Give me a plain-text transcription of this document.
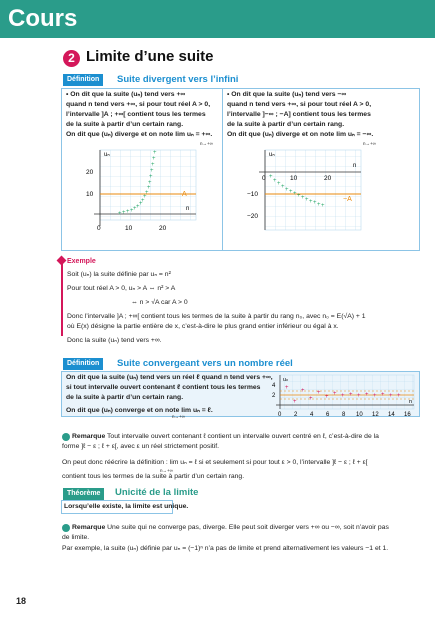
Cours
2 Limite d’une suite
Définition	Suite divergent vers l’infini
• On dit que la suite (uₙ) tend vers +∞
quand n tend vers +∞, si pour tout réel A > 0,
l’intervalle ]A ; +∞[ contient tous les termes
de la suite à partir d’un certain rang.
On dit que (uₙ) diverge et on note lim uₙ = +∞.
n→+∞
• On dit que la suite (uₙ) tend vers −∞
quand n tend vers +∞, si pour tout réel A > 0,
l’intervalle ]−∞ ; −A] contient tous les termes
de la suite à partir d’un certain rang.
On dit que (uₙ) diverge et on note lim uₙ = −∞.
n→+∞
+ + + + + + +
+
+
+
+
+
+
+
+
+
+
uₙ
n
20
10
0	10	20
A
+
+ + + + + + + + + + + + +
uₙ
n
0	10	20
−10
−20
−A
Exemple
Soit (uₙ) la suite définie par uₙ = n²
Pour tout réel A > 0, uₙ > A ⇔ n² > A
⇔ n > √A car A > 0
Donc l’intervalle ]A ; +∞[ contient tous les termes de la suite à partir du rang n₀, avec n₀ = E(√A) + 1
où E(x) désigne la partie entière de x, c’est-à-dire le plus grand entier inférieur ou égal à x.
Donc la suite (uₙ) tend vers +∞.
Définition	Suite convergeant vers un nombre réel
On dit que la suite (uₙ) tend vers un réel ℓ quand n tend vers +∞,
si tout intervalle ouvert contenant ℓ contient tous les termes
de la suite à partir d’un certain rang.
On dit que (uₙ) converge et on note lim uₙ = ℓ.
n→+∞
+
+
+
+
+
+ + + + + + + + + +
uₙ
n
4
2
0 2 4 6 8 10 12 14 16
Remarque Tout intervalle ouvert contenant ℓ contient un intervalle ouvert centré en ℓ, c’est-à-dire de la
forme ]ℓ − ε ; ℓ + ε[, avec ε un réel strictement positif.
On peut donc réécrire la définition : lim uₙ = ℓ si et seulement si pour tout ε > 0, l’intervalle ]ℓ − ε ; ℓ + ε[
n→+∞
contient tous les termes de la suite à partir d’un certain rang.
Théorème	Unicité de la limite
Lorsqu’elle existe, la limite est unique.
Remarque Une suite qui ne converge pas, diverge. Elle peut soit diverger vers +∞ ou −∞, soit n’avoir pas
de limite.
Par exemple, la suite (uₙ) définie par uₙ = (−1)ⁿ n’a pas de limite et prend alternativement les valeurs −1 et 1.
18
